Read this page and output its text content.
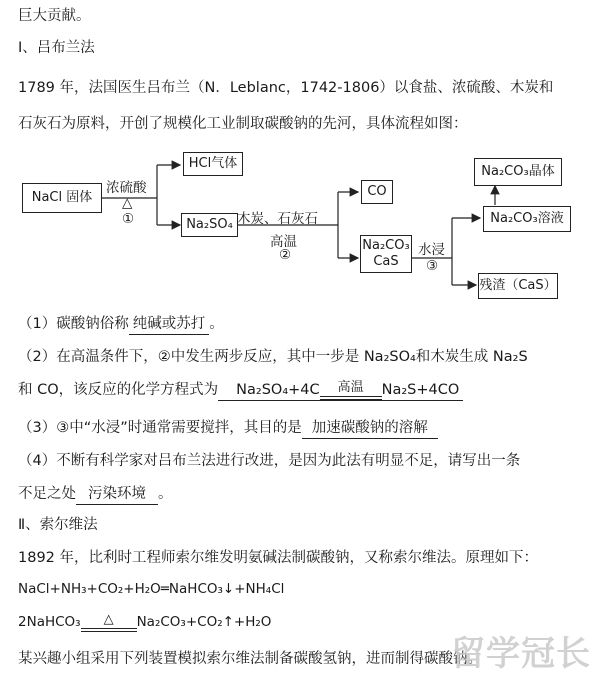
巨大贡献。
Ⅰ、吕布兰法
1789 年，法国医生吕布兰（N．Leblanc，1742-1806）以食盐、浓硫酸、木炭和
石灰石为原料，开创了规模化工业制取碳酸钠的先河，具体流程如图：
NaCl 固体
浓硫酸
△
①
HCl气体
Na₂SO₄ 木炭、石灰石
高温
②
CO
Na₂CO₃
CaS
水浸
③
Na₂CO₃晶体
Na₂CO₃溶液
残渣（CaS）
（1）碳酸钠俗称 纯碱或苏打 。
（2）在高温条件下，②中发生两步反应，其中一步是 Na₂SO₄和木炭生成 Na₂S
和 CO，该反应的化学方程式为 Na₂SO₄+4C	高温	Na₂S+4CO
（3）③中“水浸”时通常需要搅拌，其目的是 加速碳酸钠的溶解
（4）不断有科学家对吕布兰法进行改进，是因为此法有明显不足，请写出一条
不足之处 污染环境 。
Ⅱ、索尔维法
1892 年，比利时工程师索尔维发明氨碱法制碳酸钠，又称索尔维法。原理如下：
NaCl+NH₃+CO₂+H₂O═NaHCO₃↓+NH₄Cl
2NaHCO₃	△	Na₂CO₃+CO₂↑+H₂O
某兴趣小组采用下列装置模拟索尔维法制备碳酸氢钠，进而制得碳酸钠。
留学冠长
